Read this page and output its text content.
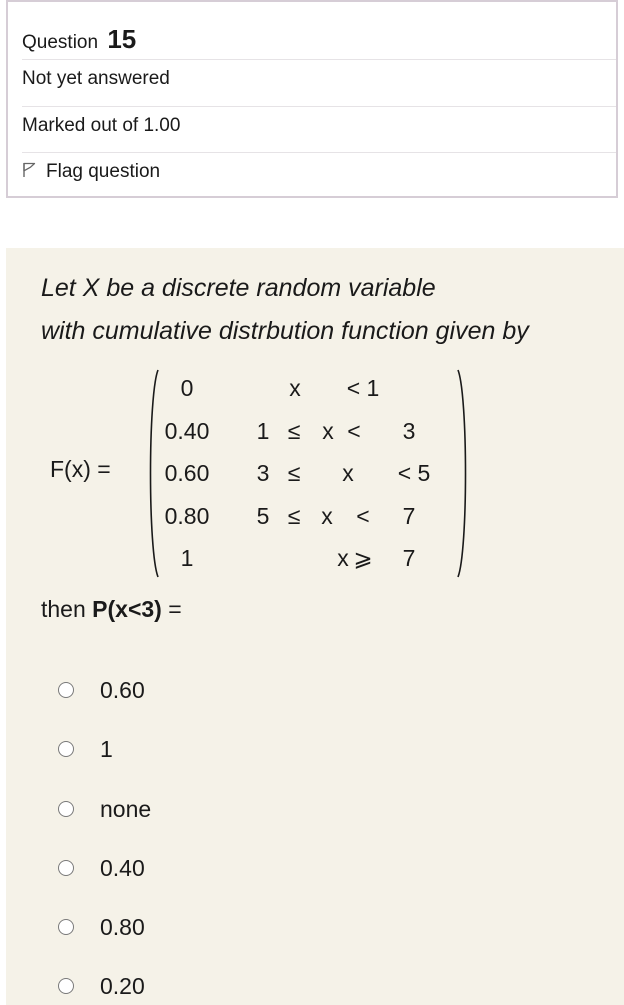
Question 15
Not yet answered
Marked out of 1.00
Flag question
Let X be a discrete random variable
with cumulative distrbution function given by
F(x) =
0	x < 1
0.40 1 ≤ x < 3
0.60 3 ≤ x < 5
0.80 5 ≤ x < 7
1	x ⩾ 7
then P(x<3) =
0.60
1
none
0.40
0.80
0.20
